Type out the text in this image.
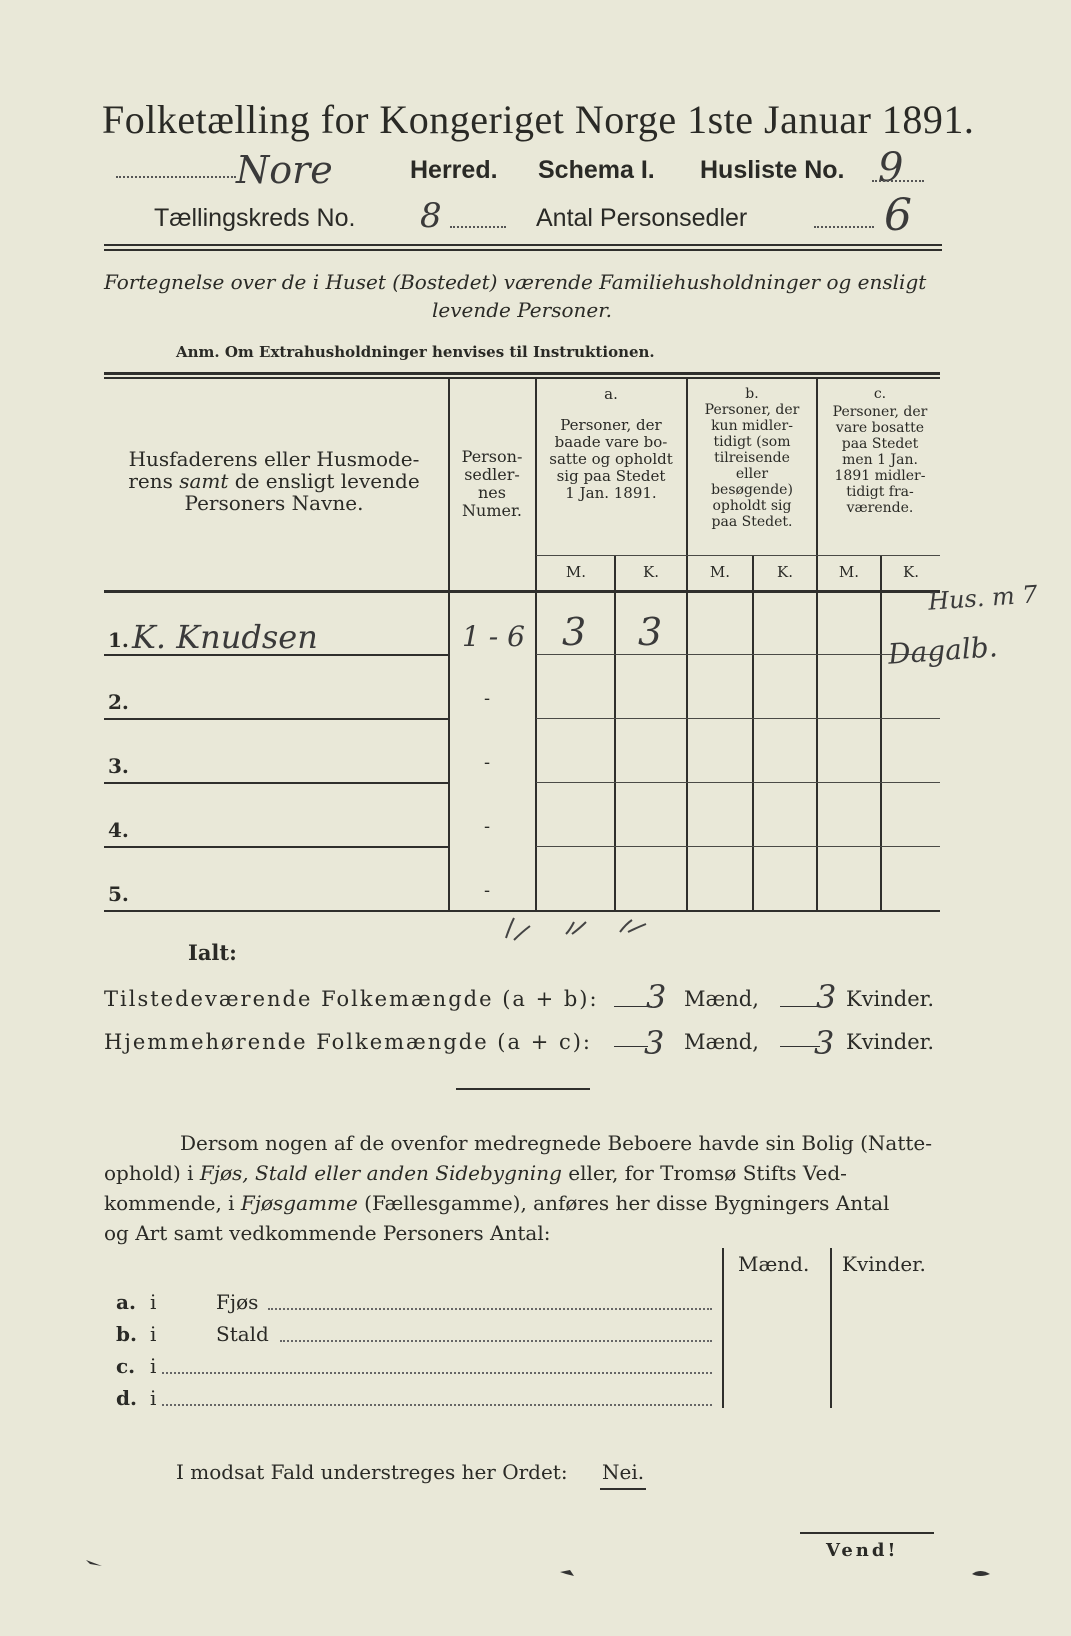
Folketælling for Kongeriget Norge 1ste Januar 1891.
Nore	Herred. Schema I. Husliste No. 9
Tællingskreds No. 8	Antal Personsedler	6
Fortegnelse over de i Huset (Bostedet) værende Familiehusholdninger og ensligt
levende Personer.
Anm. Om Extrahusholdninger henvises til Instruktionen.
Husfaderens eller Husmode-
rens samt de ensligt levende
Personers Navne.
Person-
sedler-
nes
Numer.
a.
Personer, der
baade vare bo-
satte og opholdt
sig paa Stedet
1 Jan. 1891.
b.
Personer, der
kun midler-
tidigt (som
tilreisende
eller
besøgende)
opholdt sig
paa Stedet.
c.
Personer, der
vare bosatte
paa Stedet
men 1 Jan.
1891 midler-
tidigt fra-
værende.
M.	K.	M.	K.	M.	K.
1. K. Knudsen	1 - 6 3 3
Hus. m 7
Dagalb.
2.	-
3.	-
4.	-
5.	-
Ialt:
Tilstedeværende Folkemængde (a + b): 3 Mænd, 3 Kvinder.
Hjemmehørende Folkemængde (a + c): 3 Mænd, 3 Kvinder.
Dersom nogen af de ovenfor medregnede Beboere havde sin Bolig (Natte-
ophold) i Fjøs, Stald eller anden Sidebygning eller, for Tromsø Stifts Ved-
kommende, i Fjøsgamme (Fællesgamme), anføres her disse Bygningers Antal
og Art samt vedkommende Personers Antal:
Mænd. Kvinder.
a. i	Fjøs
b. i	Stald
c. i
d. i
I modsat Fald understreges her Ordet: Nei.
Vend!
